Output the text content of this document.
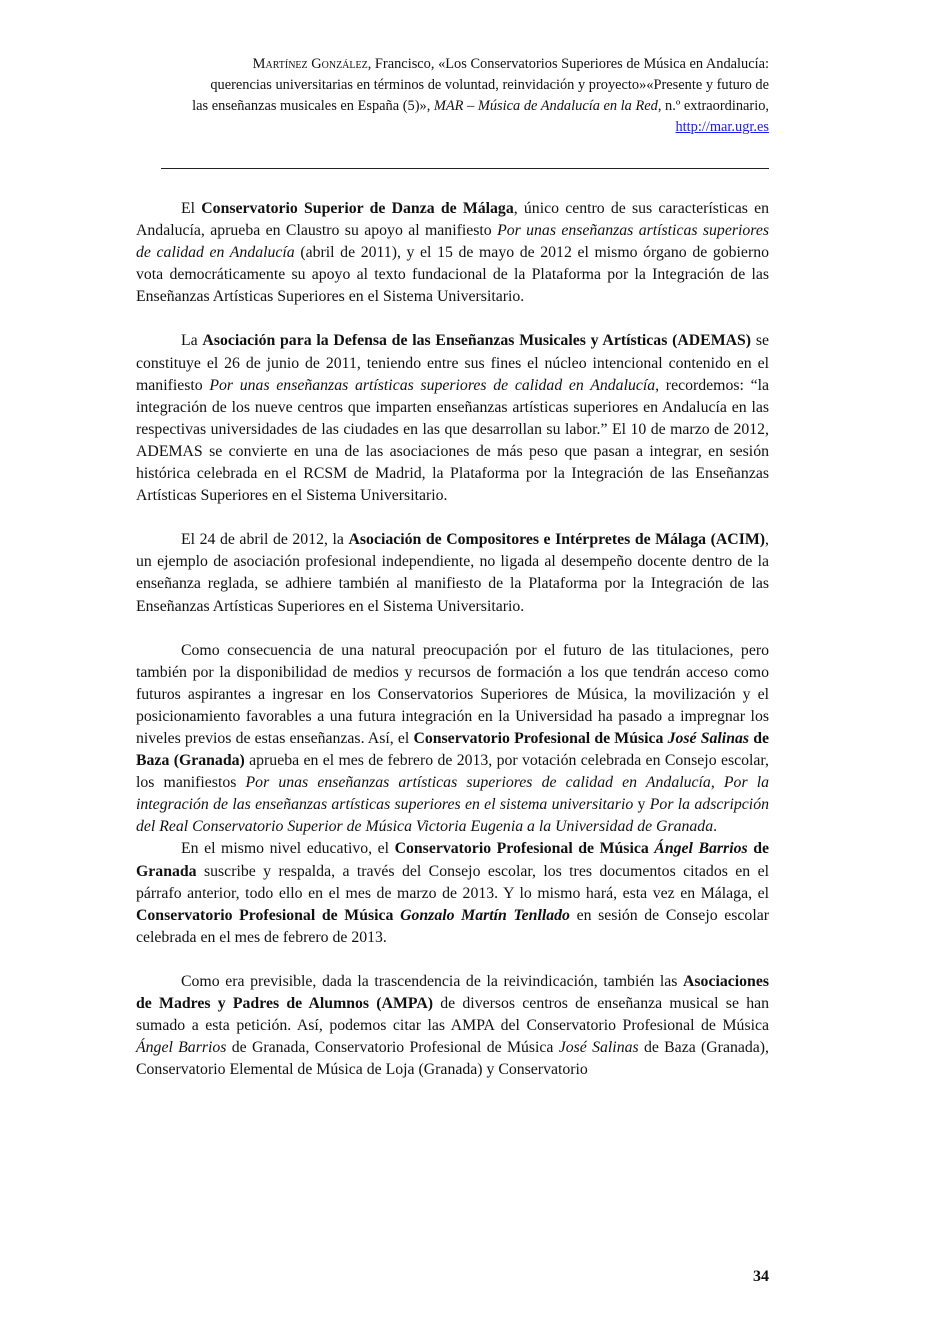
Martínez González, Francisco, «Los Conservatorios Superiores de Música en Andalucía:
querencias universitarias en términos de voluntad, reinvidación y proyecto»«Presente y futuro de
las enseñanzas musicales en España (5)», MAR – Música de Andalucía en la Red, n.º extraordinario,
http://mar.ugr.es

El Conservatorio Superior de Danza de Málaga, único centro de sus características en Andalucía, aprueba en Claustro su apoyo al manifiesto Por unas enseñanzas artísticas superiores de calidad en Andalucía (abril de 2011), y el 15 de mayo de 2012 el mismo órgano de gobierno vota democráticamente su apoyo al texto fundacional de la Plataforma por la Integración de las Enseñanzas Artísticas Superiores en el Sistema Universitario.

La Asociación para la Defensa de las Enseñanzas Musicales y Artísticas (ADEMAS) se constituye el 26 de junio de 2011, teniendo entre sus fines el núcleo intencional contenido en el manifiesto Por unas enseñanzas artísticas superiores de calidad en Andalucía, recordemos: “la integración de los nueve centros que imparten enseñanzas artísticas superiores en Andalucía en las respectivas universidades de las ciudades en las que desarrollan su labor.” El 10 de marzo de 2012, ADEMAS se convierte en una de las asociaciones de más peso que pasan a integrar, en sesión histórica celebrada en el RCSM de Madrid, la Plataforma por la Integración de las Enseñanzas Artísticas Superiores en el Sistema Universitario.

El 24 de abril de 2012, la Asociación de Compositores e Intérpretes de Málaga (ACIM), un ejemplo de asociación profesional independiente, no ligada al desempeño docente dentro de la enseñanza reglada, se adhiere también al manifiesto de la Plataforma por la Integración de las Enseñanzas Artísticas Superiores en el Sistema Universitario.

Como consecuencia de una natural preocupación por el futuro de las titulaciones, pero también por la disponibilidad de medios y recursos de formación a los que tendrán acceso como futuros aspirantes a ingresar en los Conservatorios Superiores de Música, la movilización y el posicionamiento favorables a una futura integración en la Universidad ha pasado a impregnar los niveles previos de estas enseñanzas. Así, el Conservatorio Profesional de Música José Salinas de Baza (Granada) aprueba en el mes de febrero de 2013, por votación celebrada en Consejo escolar, los manifiestos Por unas enseñanzas artísticas superiores de calidad en Andalucía, Por la integración de las enseñanzas artísticas superiores en el sistema universitario y Por la adscripción del Real Conservatorio Superior de Música Victoria Eugenia a la Universidad de Granada.

En el mismo nivel educativo, el Conservatorio Profesional de Música Ángel Barrios de Granada suscribe y respalda, a través del Consejo escolar, los tres documentos citados en el párrafo anterior, todo ello en el mes de marzo de 2013. Y lo mismo hará, esta vez en Málaga, el Conservatorio Profesional de Música Gonzalo Martín Tenllado en sesión de Consejo escolar celebrada en el mes de febrero de 2013.

Como era previsible, dada la trascendencia de la reivindicación, también las Asociaciones de Madres y Padres de Alumnos (AMPA) de diversos centros de enseñanza musical se han sumado a esta petición. Así, podemos citar las AMPA del Conservatorio Profesional de Música Ángel Barrios de Granada, Conservatorio Profesional de Música José Salinas de Baza (Granada), Conservatorio Elemental de Música de Loja (Granada) y Conservatorio

34
